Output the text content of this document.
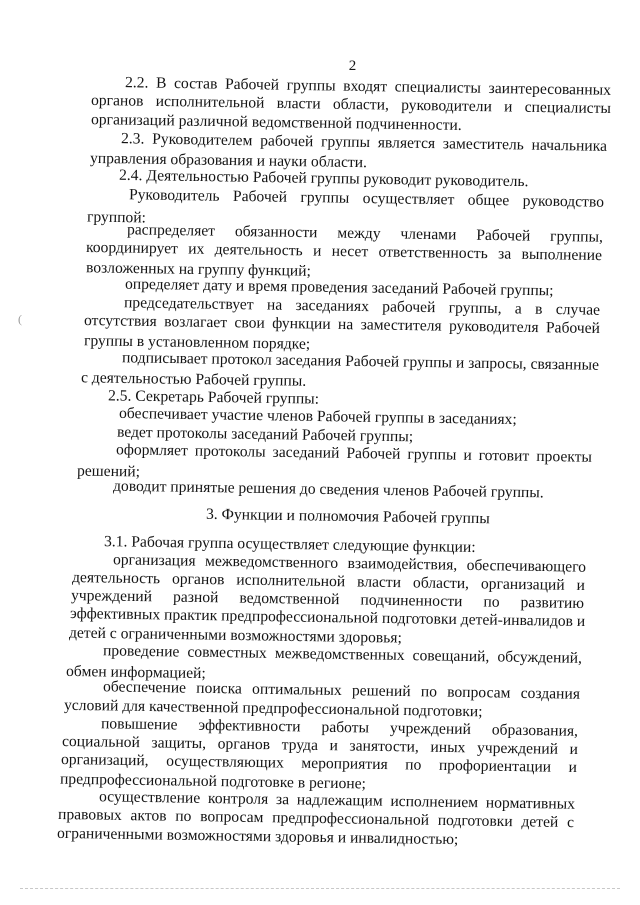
2
(
2.2. В состав Рабочей группы входят специалисты заинтересованных
органов исполнительной власти области, руководители и специалисты
организаций различной ведомственной подчиненности.
2.3. Руководителем рабочей группы является заместитель начальника
управления образования и науки области.
2.4. Деятельностью Рабочей группы руководит руководитель.
Руководитель Рабочей группы осуществляет общее руководство
группой:
распределяет обязанности между членами Рабочей группы,
координирует их деятельность и несет ответственность за выполнение
возложенных на группу функций;
определяет дату и время проведения заседаний Рабочей группы;
председательствует на заседаниях рабочей группы, а в случае
отсутствия возлагает свои функции на заместителя руководителя Рабочей
группы в установленном порядке;
подписывает протокол заседания Рабочей группы и запросы, связанные
с деятельностью Рабочей группы.
2.5. Секретарь Рабочей группы:
обеспечивает участие членов Рабочей группы в заседаниях;
ведет протоколы заседаний Рабочей группы;
оформляет протоколы заседаний Рабочей группы и готовит проекты
решений;
доводит принятые решения до сведения членов Рабочей группы.
3. Функции и полномочия Рабочей группы
3.1. Рабочая группа осуществляет следующие функции:
организация межведомственного взаимодействия, обеспечивающего
деятельность органов исполнительной власти области, организаций и
учреждений разной ведомственной подчиненности по развитию
эффективных практик предпрофессиональной подготовки детей-инвалидов и
детей с ограниченными возможностями здоровья;
проведение совместных межведомственных совещаний, обсуждений,
обмен информацией;
обеспечение поиска оптимальных решений по вопросам создания
условий для качественной предпрофессиональной подготовки;
повышение эффективности работы учреждений образования,
социальной защиты, органов труда и занятости, иных учреждений и
организаций, осуществляющих мероприятия по профориентации и
предпрофессиональной подготовке в регионе;
осуществление контроля за надлежащим исполнением нормативных
правовых актов по вопросам предпрофессиональной подготовки детей с
ограниченными возможностями здоровья и инвалидностью;
